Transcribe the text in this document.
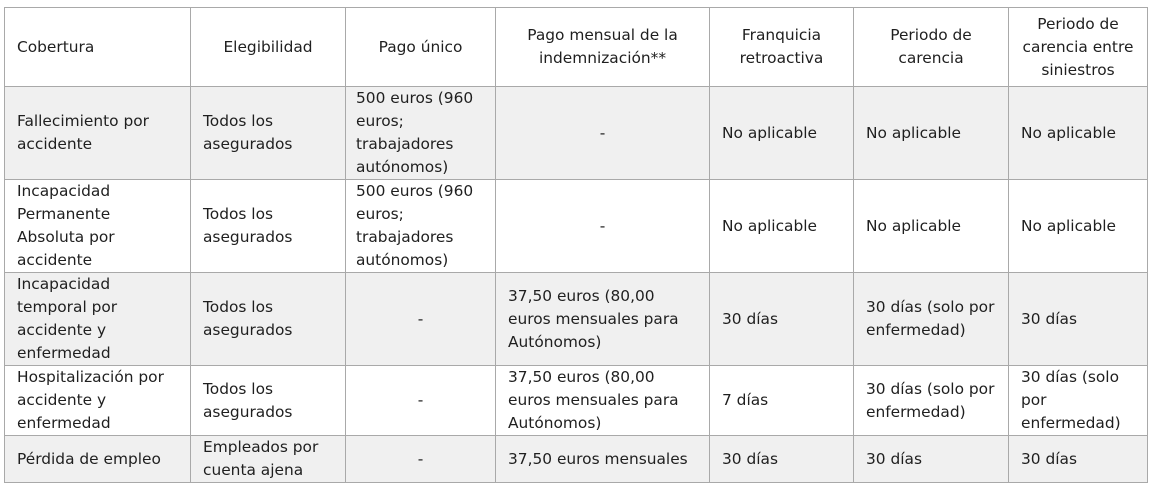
Cobertura	Elegibilidad	Pago único	Pago mensual de la indemnización**	Franquicia retroactiva	Periodo de carencia	Periodo de carencia entre siniestros
Fallecimiento por accidente	Todos los asegurados	500 euros (960 euros; trabajadores autónomos)	-	No aplicable	No aplicable	No aplicable
Incapacidad Permanente Absoluta por accidente	Todos los asegurados	500 euros (960 euros; trabajadores autónomos)	-	No aplicable	No aplicable	No aplicable
Incapacidad temporal por accidente y enfermedad	Todos los asegurados	-	37,50 euros (80,00 euros mensuales para Autónomos)	30 días	30 días (solo por enfermedad)	30 días
Hospitalización por accidente y enfermedad	Todos los asegurados	-	37,50 euros (80,00 euros mensuales para Autónomos)	7 días	30 días (solo por enfermedad)	30 días (solo por enfermedad)
Pérdida de empleo	Empleados por cuenta ajena	-	37,50 euros mensuales	30 días	30 días	30 días
